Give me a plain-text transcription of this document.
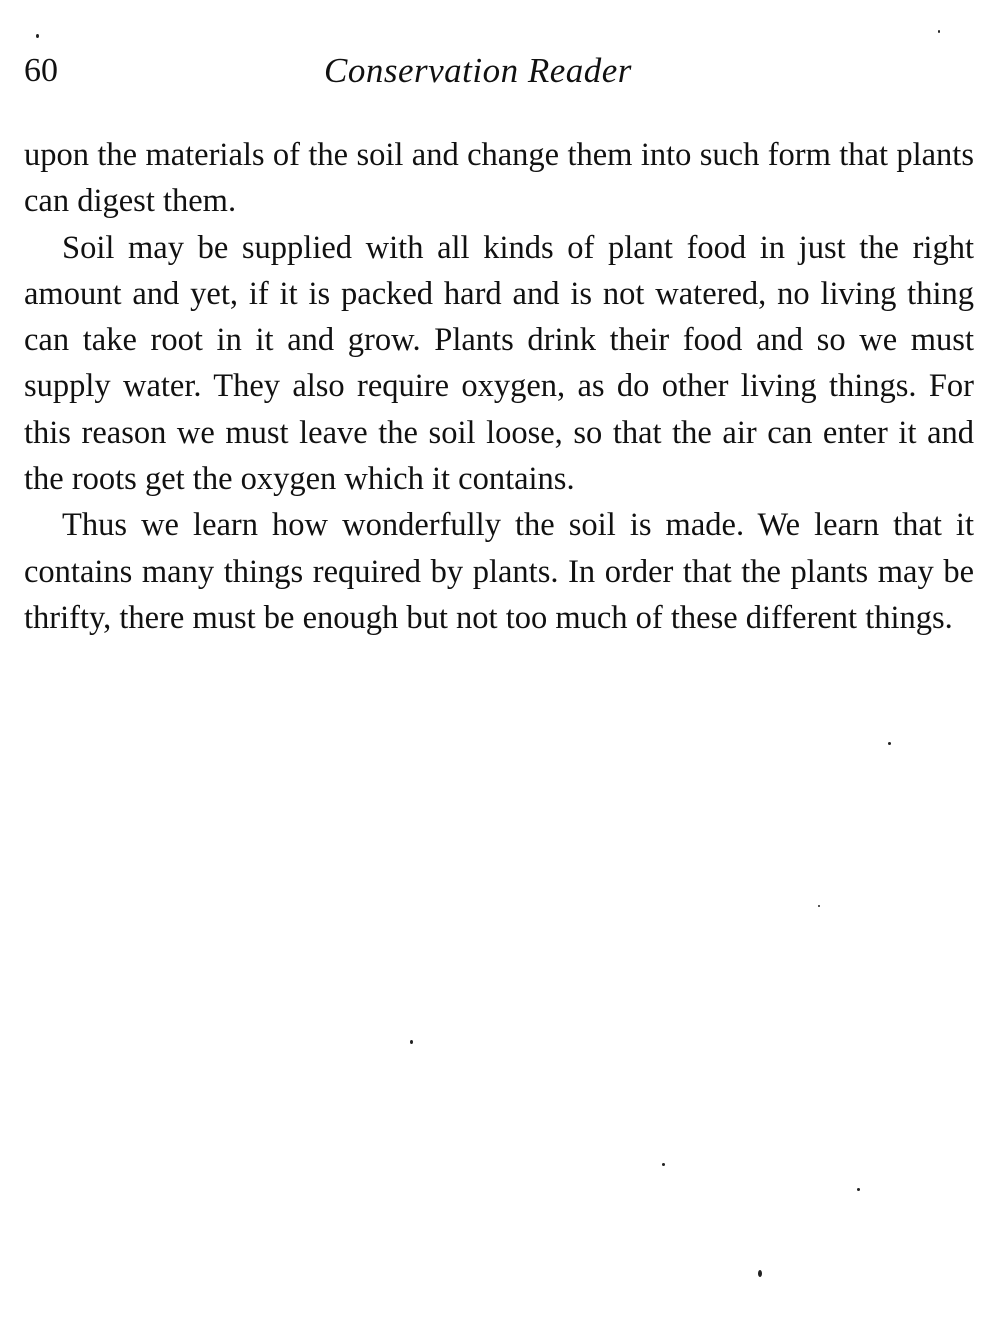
60	Conservation Reader

upon the materials of the soil and change them into such form that plants can digest them.

Soil may be supplied with all kinds of plant food in just the right amount and yet, if it is packed hard and is not watered, no living thing can take root in it and grow. Plants drink their food and so we must supply water. They also require oxygen, as do other living things. For this reason we must leave the soil loose, so that the air can enter it and the roots get the oxygen which it contains.

Thus we learn how wonderfully the soil is made. We learn that it contains many things required by plants. In order that the plants may be thrifty, there must be enough but not too much of these different things.
